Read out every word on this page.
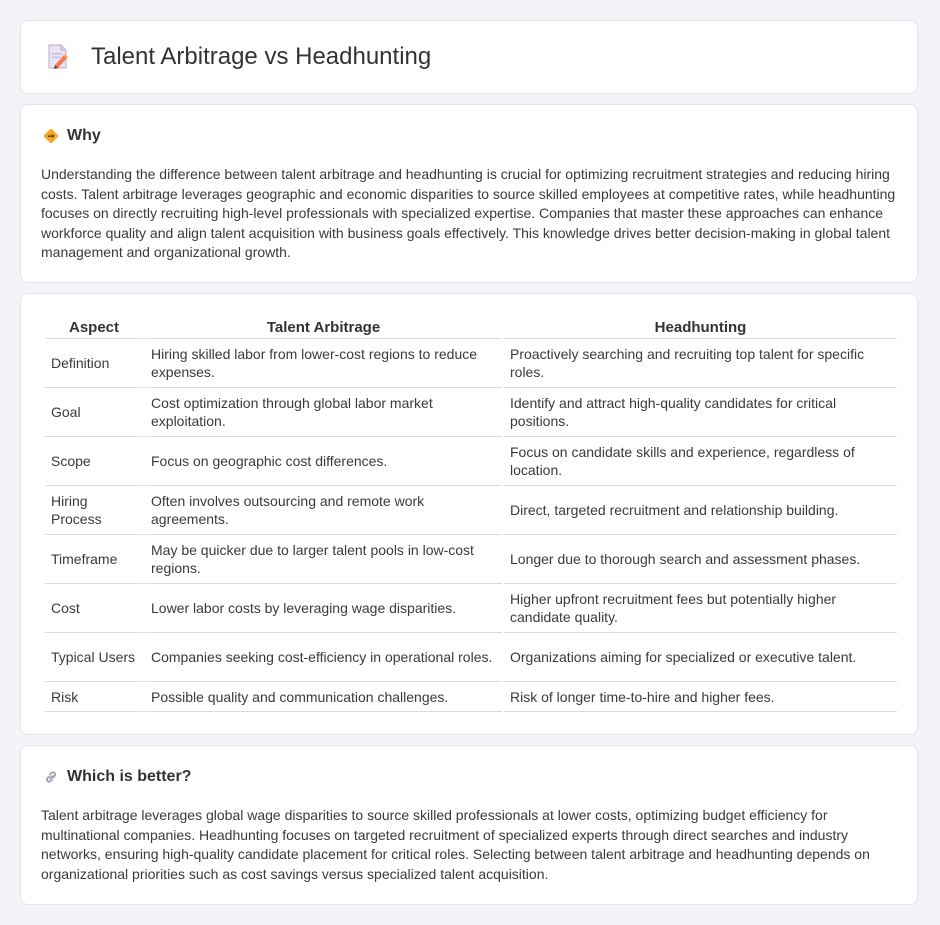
Talent Arbitrage vs Headhunting
Why

Understanding the difference between talent arbitrage and headhunting is crucial for optimizing recruitment strategies and reducing hiring costs. Talent arbitrage leverages geographic and economic disparities to source skilled employees at competitive rates, while headhunting focuses on directly recruiting high-level professionals with specialized expertise. Companies that master these approaches can enhance workforce quality and align talent acquisition with business goals effectively. This knowledge drives better decision-making in global talent management and organizational growth.

Aspect	Talent Arbitrage	Headhunting
Definition	Hiring skilled labor from lower-cost regions to reduce expenses.	Proactively searching and recruiting top talent for specific roles.
Goal	Cost optimization through global labor market exploitation.	Identify and attract high-quality candidates for critical positions.
Scope	Focus on geographic cost differences.	Focus on candidate skills and experience, regardless of location.
Hiring Process	Often involves outsourcing and remote work agreements.	Direct, targeted recruitment and relationship building.
Timeframe	May be quicker due to larger talent pools in low-cost regions.	Longer due to thorough search and assessment phases.
Cost	Lower labor costs by leveraging wage disparities.	Higher upfront recruitment fees but potentially higher candidate quality.
Typical Users	Companies seeking cost-efficiency in operational roles.	Organizations aiming for specialized or executive talent.
Risk	Possible quality and communication challenges.	Risk of longer time-to-hire and higher fees.
Which is better?

Talent arbitrage leverages global wage disparities to source skilled professionals at lower costs, optimizing budget efficiency for multinational companies. Headhunting focuses on targeted recruitment of specialized experts through direct searches and industry networks, ensuring high-quality candidate placement for critical roles. Selecting between talent arbitrage and headhunting depends on organizational priorities such as cost savings versus specialized talent acquisition.
